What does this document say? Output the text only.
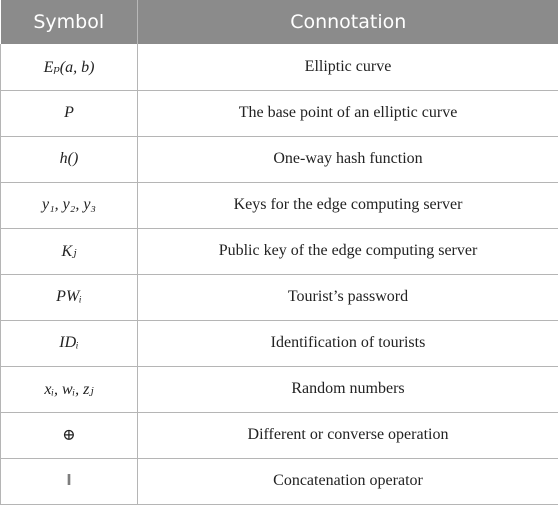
Symbol	Connotation
Eₚ(a, b)	Elliptic curve
P	The base point of an elliptic curve
h()	One-way hash function
y₁, y₂, y₃	Keys for the edge computing server
Kⱼ	Public key of the edge computing server
PWᵢ	Tourist’s password
IDᵢ	Identification of tourists
xᵢ, wᵢ, zⱼ	Random numbers
⊕	Different or converse operation
‖	Concatenation operator
